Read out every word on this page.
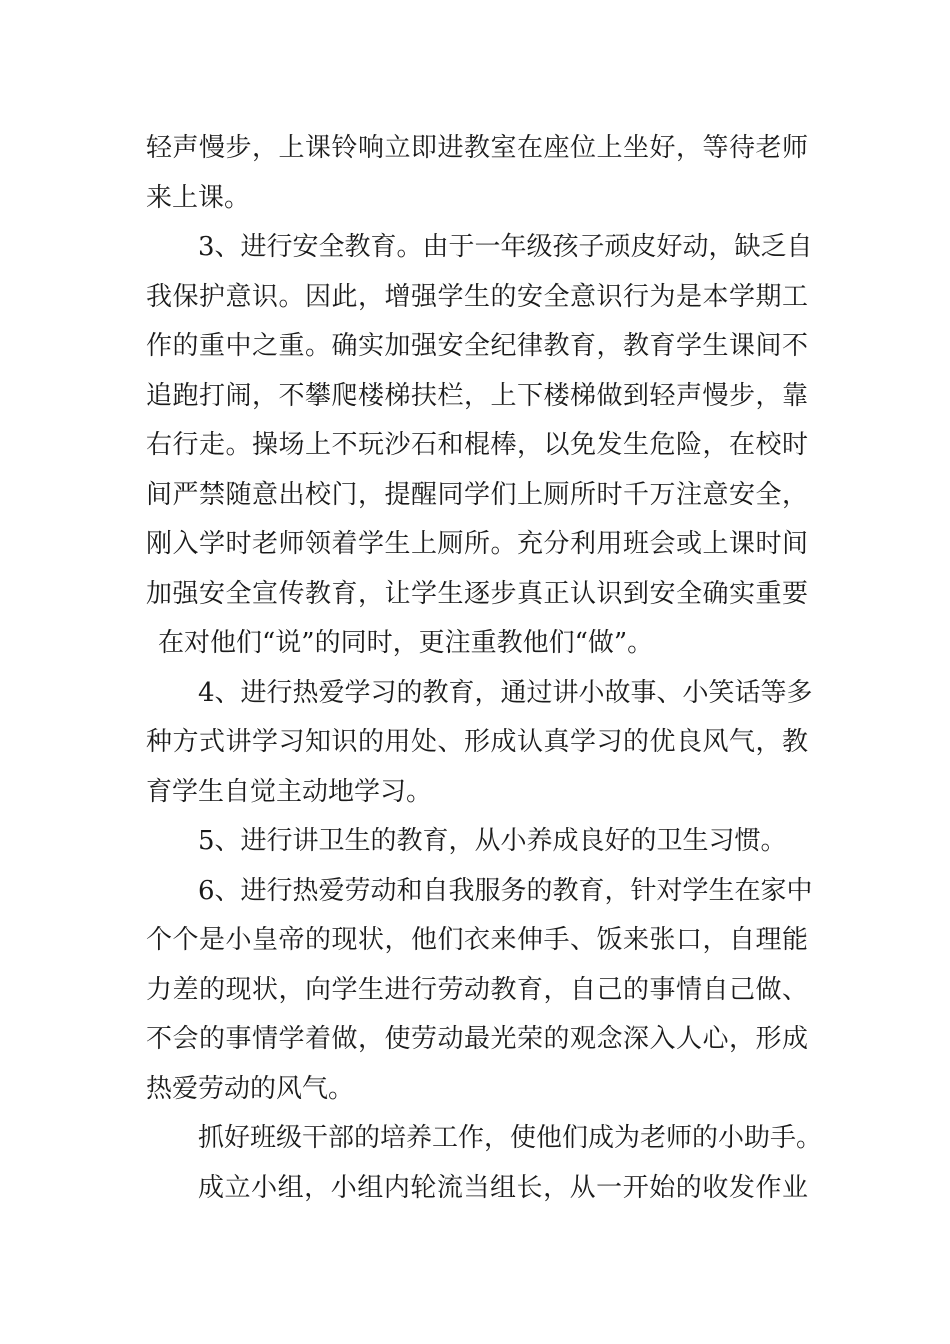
轻声慢步，上课铃响立即进教室在座位上坐好，等待老师
来上课。
3、进行安全教育。由于一年级孩子顽皮好动，缺乏自
我保护意识。因此，增强学生的安全意识行为是本学期工
作的重中之重。确实加强安全纪律教育，教育学生课间不
追跑打闹，不攀爬楼梯扶栏，上下楼梯做到轻声慢步，靠
右行走。操场上不玩沙石和棍棒，以免发生危险，在校时
间严禁随意出校门，提醒同学们上厕所时千万注意安全，
刚入学时老师领着学生上厕所。充分利用班会或上课时间
加强安全宣传教育，让学生逐步真正认识到安全确实重要
在对他们“说”的同时，更注重教他们“做”。
4、进行热爱学习的教育，通过讲小故事、小笑话等多
种方式讲学习知识的用处、形成认真学习的优良风气，教
育学生自觉主动地学习。
5、进行讲卫生的教育，从小养成良好的卫生习惯。
6、进行热爱劳动和自我服务的教育，针对学生在家中
个个是小皇帝的现状，他们衣来伸手、饭来张口，自理能
力差的现状，向学生进行劳动教育，自己的事情自己做、
不会的事情学着做，使劳动最光荣的观念深入人心，形成
热爱劳动的风气。
抓好班级干部的培养工作，使他们成为老师的小助手。
成立小组，小组内轮流当组长，从一开始的收发作业
